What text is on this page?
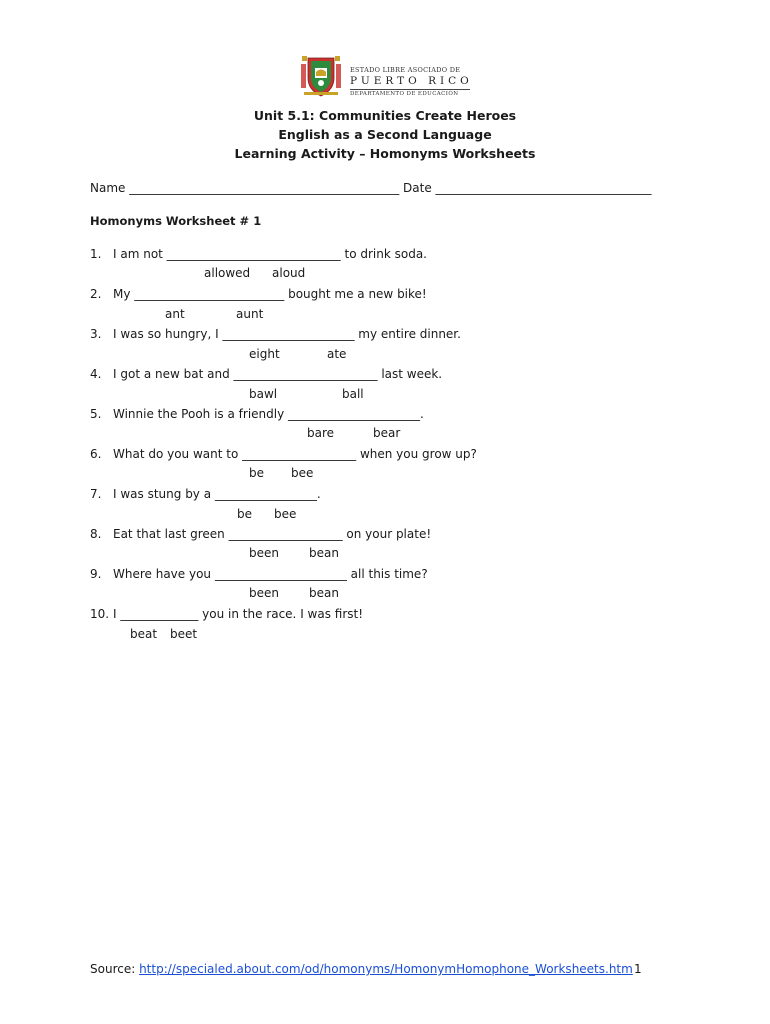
ESTADO LIBRE ASOCIADO DE
PUERTO RICO
DEPARTAMENTO DE EDUCACIÓN
Unit 5.1: Communities Create Heroes
English as a Second Language
Learning Activity – Homonyms Worksheets
Name _____________________________________________ Date ____________________________________
Homonyms Worksheet # 1
1. I am not _____________________________ to drink soda.
allowed aloud
2. My _________________________ bought me a new bike!
ant	aunt
3. I was so hungry, I ______________________ my entire dinner.
eight	ate
4. I got a new bat and ________________________ last week.
bawl	ball
5. Winnie the Pooh is a friendly ______________________.
bare	bear
6. What do you want to ___________________ when you grow up?
be bee
7. I was stung by a _________________.
be bee
8. Eat that last green ___________________ on your plate!
been	bean
9. Where have you ______________________ all this time?
been	bean
10. I _____________ you in the race. I was first!
beat beet
Source: http://specialed.about.com/od/homonyms/HomonymHomophone_Worksheets.htm 1
